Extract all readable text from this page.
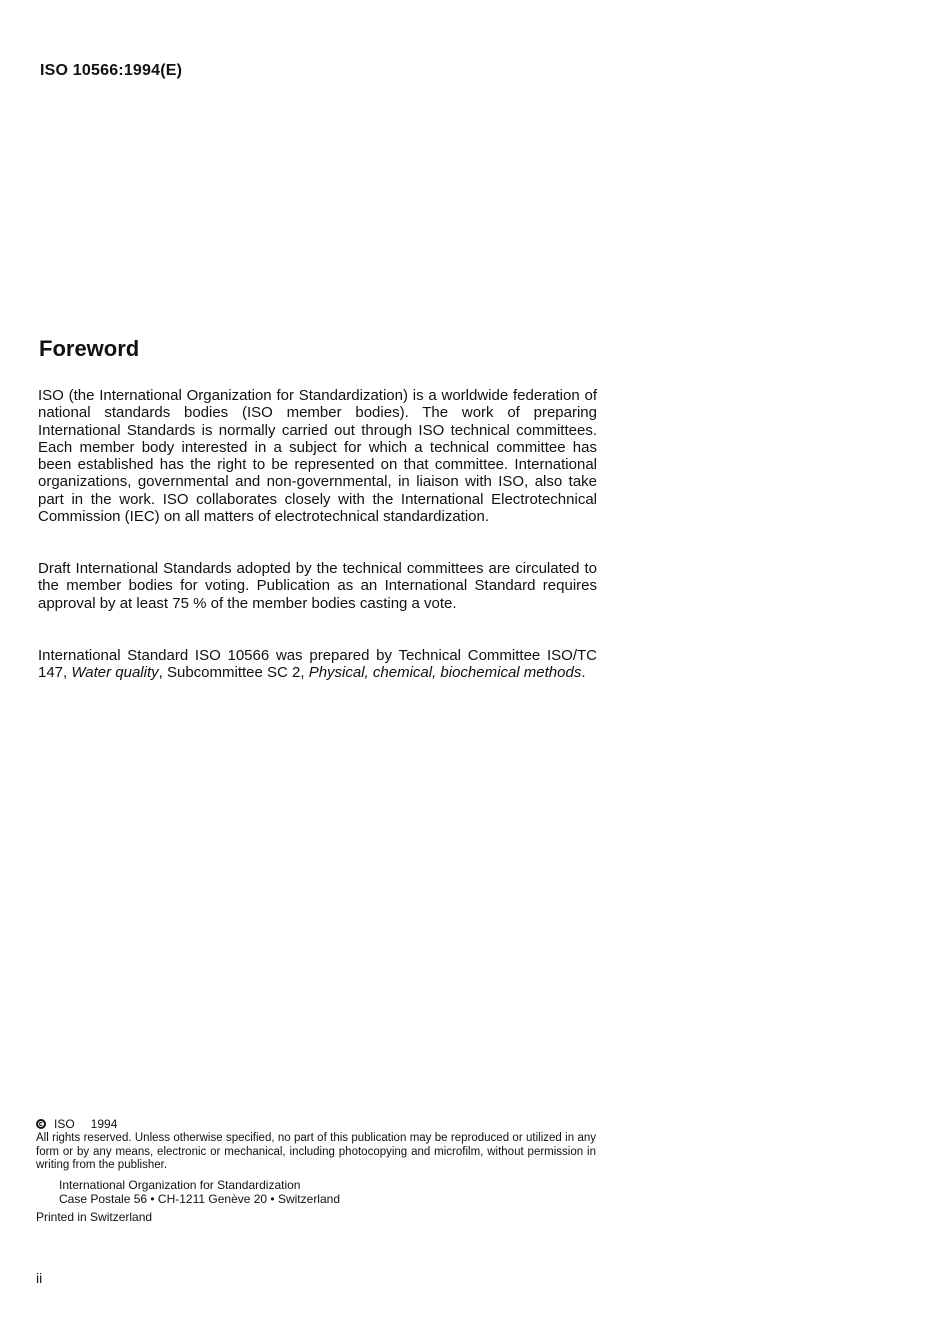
ISO 10566:1994(E)
Foreword

ISO (the International Organization for Standardization) is a worldwide federation of national standards bodies (ISO member bodies). The work of preparing International Standards is normally carried out through ISO technical committees. Each member body interested in a subject for which a technical committee has been established has the right to be represented on that committee. International organizations, governmental and non-governmental, in liaison with ISO, also take part in the work. ISO collaborates closely with the International Electrotechnical Commission (IEC) on all matters of electrotechnical standardization.

Draft International Standards adopted by the technical committees are circulated to the member bodies for voting. Publication as an International Standard requires approval by at least 75 % of the member bodies casting a vote.

International Standard ISO 10566 was prepared by Technical Committee ISO/TC 147, Water quality, Subcommittee SC 2, Physical, chemical, biochemical methods.

ISO 1994
All rights reserved. Unless otherwise specified, no part of this publication may be reproduced or utilized in any form or by any means, electronic or mechanical, including photocopying and microfilm, without permission in writing from the publisher.
International Organization for Standardization
Case Postale 56 • CH-1211 Genève 20 • Switzerland
Printed in Switzerland
ii
